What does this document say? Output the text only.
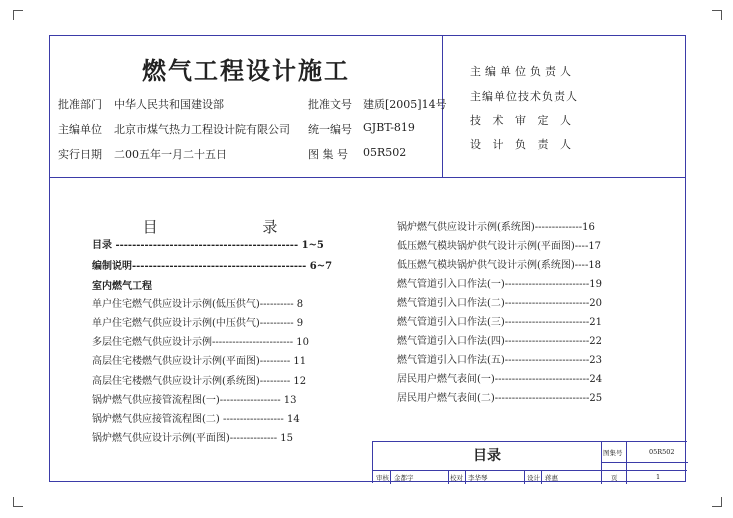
燃气工程设计施工
批准部门 中华人民共和国建设部	批准文号 建质[2005]14号
主编单位 北京市煤气热力工程设计院有限公司 统一编号 GJBT-819
实行日期 二00五年一月二十五日	图 集 号 05R502
主编单位负责人
主编单位技术负责人
技 术 审 定 人
设 计 负 责 人
目	录
目录 -------------------------------------------- 1~5
编制说明------------------------------------------ 6~7
室内燃气工程
单户住宅燃气供应设计示例(低压供气)---------- 8
单户住宅燃气供应设计示例(中压供气)---------- 9
多层住宅燃气供应设计示例------------------------ 10
高层住宅楼燃气供应设计示例(平面图)--------- 11
高层住宅楼燃气供应设计示例(系统图)--------- 12
锅炉燃气供应接管流程图(一)------------------ 13
锅炉燃气供应接管流程图(二) ------------------ 14
锅炉燃气供应设计示例(平面图)-------------- 15
锅炉燃气供应设计示例(系统图)--------------16
低压燃气模块锅炉供气设计示例(平面图)----17
低压燃气模块锅炉供气设计示例(系统图)----18
燃气管道引入口作法(一)-------------------------19
燃气管道引入口作法(二)-------------------------20
燃气管道引入口作法(三)-------------------------21
燃气管道引入口作法(四)-------------------------22
燃气管道引入口作法(五)-------------------------23
居民用户燃气表间(一)----------------------------24
居民用户燃气表间(二)----------------------------25
目录	图集号	05R502
审核 金都宇	校对 李华琴	设计 蒋惠	页	1
